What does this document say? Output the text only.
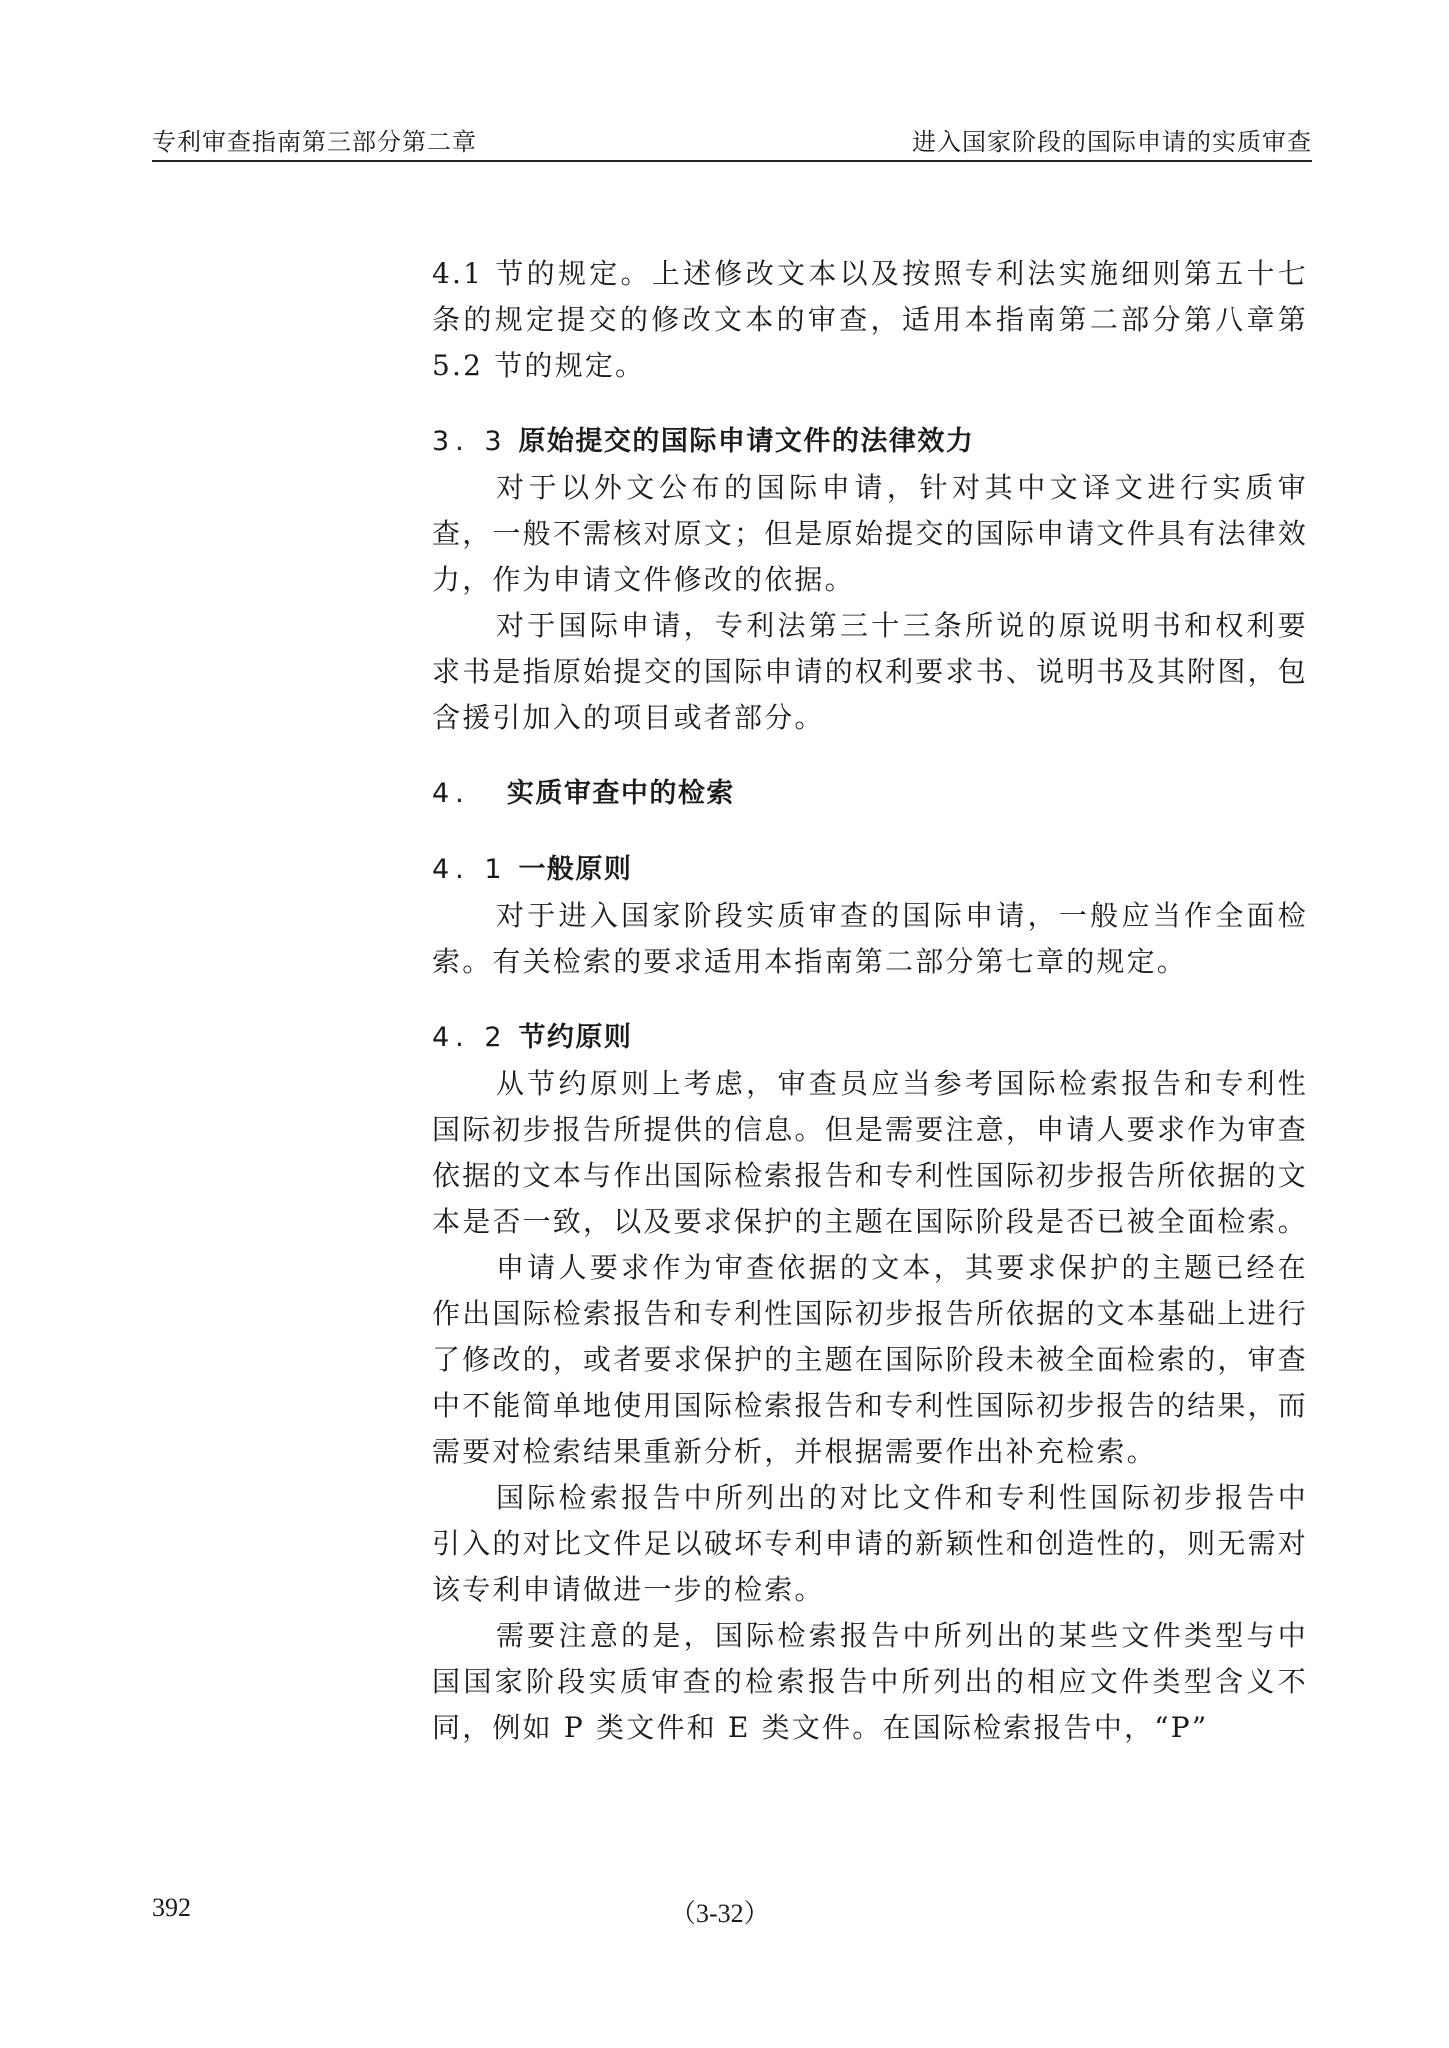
专利审查指南第三部分第二章	进入国家阶段的国际申请的实质审查

4.1 节的规定。上述修改文本以及按照专利法实施细则第五十七条的规定提交的修改文本的审查，适用本指南第二部分第八章第 5.2 节的规定。

3. 3 原始提交的国际申请文件的法律效力

对于以外文公布的国际申请，针对其中文译文进行实质审查，一般不需核对原文；但是原始提交的国际申请文件具有法律效力，作为申请文件修改的依据。

对于国际申请，专利法第三十三条所说的原说明书和权利要求书是指原始提交的国际申请的权利要求书、说明书及其附图，包含援引加入的项目或者部分。

4. 实质审查中的检索

4. 1 一般原则

对于进入国家阶段实质审查的国际申请，一般应当作全面检索。有关检索的要求适用本指南第二部分第七章的规定。

4. 2 节约原则

从节约原则上考虑，审查员应当参考国际检索报告和专利性国际初步报告所提供的信息。但是需要注意，申请人要求作为审查依据的文本与作出国际检索报告和专利性国际初步报告所依据的文本是否一致，以及要求保护的主题在国际阶段是否已被全面检索。

申请人要求作为审查依据的文本，其要求保护的主题已经在作出国际检索报告和专利性国际初步报告所依据的文本基础上进行了修改的，或者要求保护的主题在国际阶段未被全面检索的，审查中不能简单地使用国际检索报告和专利性国际初步报告的结果，而需要对检索结果重新分析，并根据需要作出补充检索。

国际检索报告中所列出的对比文件和专利性国际初步报告中引入的对比文件足以破坏专利申请的新颖性和创造性的，则无需对该专利申请做进一步的检索。

需要注意的是，国际检索报告中所列出的某些文件类型与中国国家阶段实质审查的检索报告中所列出的相应文件类型含义不同，例如 P 类文件和 E 类文件。在国际检索报告中，“P”

392	（3-32）
